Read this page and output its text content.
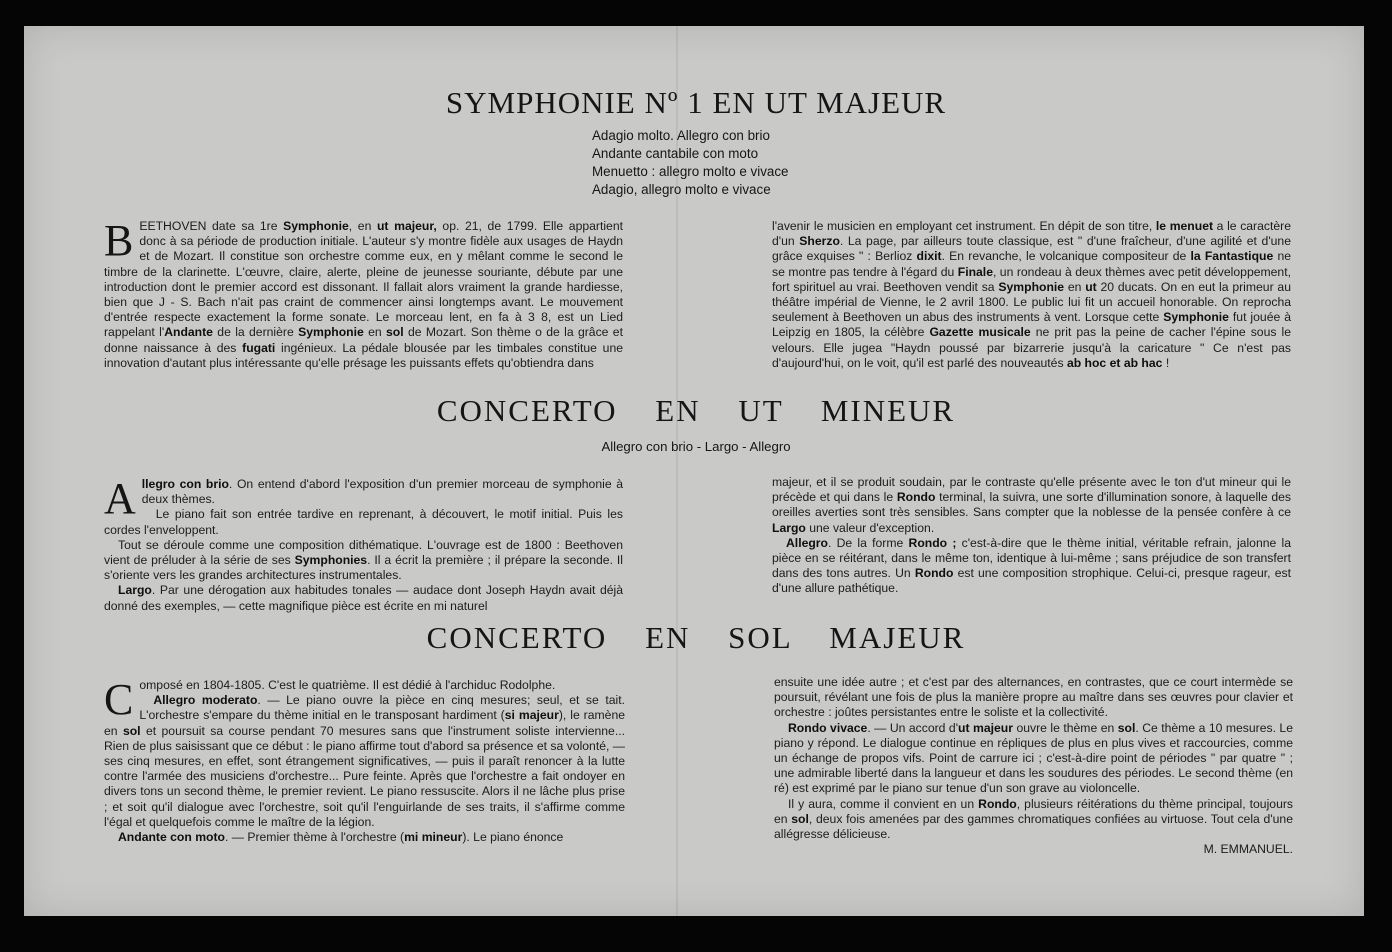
SYMPHONIE Nº 1 EN UT MAJEUR
Adagio molto. Allegro con brio
Andante cantabile con moto
Menuetto : allegro molto e vivace
Adagio, allegro molto e vivace

BEETHOVEN date sa 1re Symphonie, en ut majeur, op. 21, de 1799. Elle appartient donc à sa période de production initiale. L'auteur s'y montre fidèle aux usages de Haydn et de Mozart. Il constitue son orchestre comme eux, en y mêlant comme le second le timbre de la clarinette. L'œuvre, claire, alerte, pleine de jeunesse souriante, débute par une introduction dont le premier accord est dissonant. Il fallait alors vraiment la grande hardiesse, bien que J - S. Bach n'ait pas craint de commencer ainsi longtemps avant. Le mouvement d'entrée respecte exactement la forme sonate. Le morceau lent, en fa à 3 8, est un Lied rappelant l'Andante de la dernière Symphonie en sol de Mozart. Son thème o de la grâce et donne naissance à des fugati ingénieux. La pédale blousée par les timbales constitue une innovation d'autant plus intéressante qu'elle présage les puissants effets qu'obtiendra dans

l'avenir le musicien en employant cet instrument. En dépit de son titre, le menuet a le caractère d'un Sherzo. La page, par ailleurs toute classique, est " d'une fraîcheur, d'une agilité et d'une grâce exquises " : Berlioz dixit. En revanche, le volcanique compositeur de la Fantastique ne se montre pas tendre à l'égard du Finale, un rondeau à deux thèmes avec petit développement, fort spirituel au vrai. Beethoven vendit sa Symphonie en ut 20 ducats. On en eut la primeur au théâtre impérial de Vienne, le 2 avril 1800. Le public lui fit un accueil honorable. On reprocha seulement à Beethoven un abus des instruments à vent. Lorsque cette Symphonie fut jouée à Leipzig en 1805, la célèbre Gazette musicale ne prit pas la peine de cacher l'épine sous le velours. Elle jugea "Haydn poussé par bizarrerie jusqu'à la caricature " Ce n'est pas d'aujourd'hui, on le voit, qu'il est parlé des nouveautés ab hoc et ab hac !

CONCERTO EN UT MINEUR
Allegro con brio - Largo - Allegro

Allegro con brio. On entend d'abord l'exposition d'un premier morceau de symphonie à deux thèmes.

Le piano fait son entrée tardive en reprenant, à découvert, le motif initial. Puis les cordes l'enveloppent.

Tout se déroule comme une composition dithématique. L'ouvrage est de 1800 : Beethoven vient de préluder à la série de ses Symphonies. Il a écrit la première ; il prépare la seconde. Il s'oriente vers les grandes architectures instrumentales.

Largo. Par une dérogation aux habitudes tonales — audace dont Joseph Haydn avait déjà donné des exemples, — cette magnifique pièce est écrite en mi naturel

majeur, et il se produit soudain, par le contraste qu'elle présente avec le ton d'ut mineur qui le précède et qui dans le Rondo terminal, la suivra, une sorte d'illumination sonore, à laquelle des oreilles averties sont très sensibles. Sans compter que la noblesse de la pensée confère à ce Largo une valeur d'exception.

Allegro. De la forme Rondo ; c'est-à-dire que le thème initial, véritable refrain, jalonne la pièce en se réitérant, dans le même ton, identique à lui-même ; sans préjudice de son transfert dans des tons autres. Un Rondo est une composition strophique. Celui-ci, presque rageur, est d'une allure pathétique.

CONCERTO EN SOL MAJEUR

Composé en 1804-1805. C'est le quatrième. Il est dédié à l'archiduc Rodolphe.

Allegro moderato. — Le piano ouvre la pièce en cinq mesures; seul, et se tait. L'orchestre s'empare du thème initial en le transposant hardiment (si majeur), le ramène en sol et poursuit sa course pendant 70 mesures sans que l'instrument soliste intervienne... Rien de plus saisissant que ce début : le piano affirme tout d'abord sa présence et sa volonté, — ses cinq mesures, en effet, sont étrangement significatives, — puis il paraît renoncer à la lutte contre l'armée des musiciens d'orchestre... Pure feinte. Après que l'orchestre a fait ondoyer en divers tons un second thème, le premier revient. Le piano ressuscite. Alors il ne lâche plus prise ; et soit qu'il dialogue avec l'orchestre, soit qu'il l'enguirlande de ses traits, il s'affirme comme l'égal et quelquefois comme le maître de la légion.

Andante con moto. — Premier thème à l'orchestre (mi mineur). Le piano énonce

ensuite une idée autre ; et c'est par des alternances, en contrastes, que ce court intermède se poursuit, révélant une fois de plus la manière propre au maître dans ses œuvres pour clavier et orchestre : joûtes persistantes entre le soliste et la collectivité.

Rondo vivace. — Un accord d'ut majeur ouvre le thème en sol. Ce thème a 10 mesures. Le piano y répond. Le dialogue continue en répliques de plus en plus vives et raccourcies, comme un échange de propos vifs. Point de carrure ici ; c'est-à-dire point de périodes " par quatre " ; une admirable liberté dans la langueur et dans les soudures des périodes. Le second thème (en ré) est exprimé par le piano sur tenue d'un son grave au violoncelle.

Il y aura, comme il convient en un Rondo, plusieurs réitérations du thème principal, toujours en sol, deux fois amenées par des gammes chromatiques confiées au virtuose. Tout cela d'une allégresse délicieuse.

M. EMMANUEL.
